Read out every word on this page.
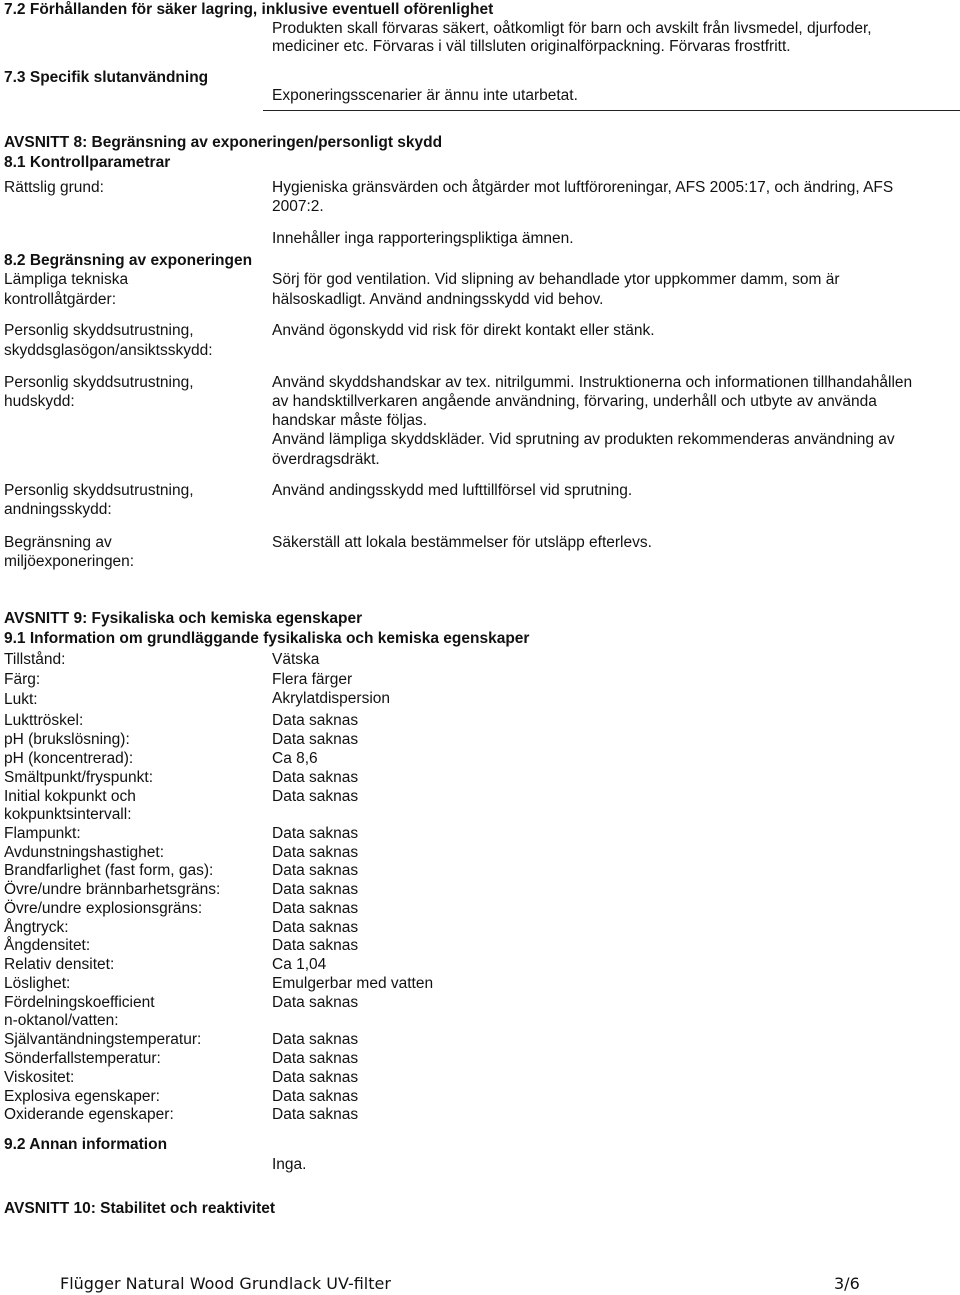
7.2 Förhållanden för säker lagring, inklusive eventuell oförenlighet
Produkten skall förvaras säkert, oåtkomligt för barn och avskilt från livsmedel, djurfoder,
mediciner etc. Förvaras i väl tillsluten originalförpackning. Förvaras frostfritt.
7.3 Specifik slutanvändning
Exponeringsscenarier är ännu inte utarbetat.
AVSNITT 8: Begränsning av exponeringen/personligt skydd
8.1 Kontrollparametrar
Rättslig grund:	Hygieniska gränsvärden och åtgärder mot luftföroreningar, AFS 2005:17, och ändring, AFS
2007:2.
Innehåller inga rapporteringspliktiga ämnen.
8.2 Begränsning av exponeringen
Lämpliga tekniska
kontrollåtgärder:
Sörj för god ventilation. Vid slipning av behandlade ytor uppkommer damm, som är
hälsoskadligt. Använd andningsskydd vid behov.
Personlig skyddsutrustning,
skyddsglasögon/ansiktsskydd:
Använd ögonskydd vid risk för direkt kontakt eller stänk.
Personlig skyddsutrustning,
hudskydd:
Använd skyddshandskar av tex. nitrilgummi. Instruktionerna och informationen tillhandahållen
av handsktillverkaren angående användning, förvaring, underhåll och utbyte av använda
handskar måste följas.
Använd lämpliga skyddskläder. Vid sprutning av produkten rekommenderas användning av
överdragsdräkt.
Personlig skyddsutrustning,
andningsskydd:
Använd andingsskydd med lufttillförsel vid sprutning.
Begränsning av
miljöexponeringen:
Säkerställ att lokala bestämmelser för utsläpp efterlevs.
AVSNITT 9: Fysikaliska och kemiska egenskaper
9.1 Information om grundläggande fysikaliska och kemiska egenskaper
Tillstånd:	Vätska
Färg:	Flera färger
Lukt:	Akrylatdispersion
Lukttröskel:	Data saknas
pH (brukslösning):	Data saknas
pH (koncentrerad):	Ca 8,6
Smältpunkt/fryspunkt:	Data saknas
Initial kokpunkt och
kokpunktsintervall:
Data saknas
Flampunkt:	Data saknas
Avdunstningshastighet:	Data saknas
Brandfarlighet (fast form, gas):	Data saknas
Övre/undre brännbarhetsgräns:	Data saknas
Övre/undre explosionsgräns:	Data saknas
Ångtryck:	Data saknas
Ångdensitet:	Data saknas
Relativ densitet:	Ca 1,04
Löslighet:	Emulgerbar med vatten
Fördelningskoefficient
n-oktanol/vatten:
Data saknas
Självantändningstemperatur:	Data saknas
Sönderfallstemperatur:	Data saknas
Viskositet:	Data saknas
Explosiva egenskaper:	Data saknas
Oxiderande egenskaper:	Data saknas
9.2 Annan information
Inga.
AVSNITT 10: Stabilitet och reaktivitet
Flügger Natural Wood Grundlack UV-filter	3/6
